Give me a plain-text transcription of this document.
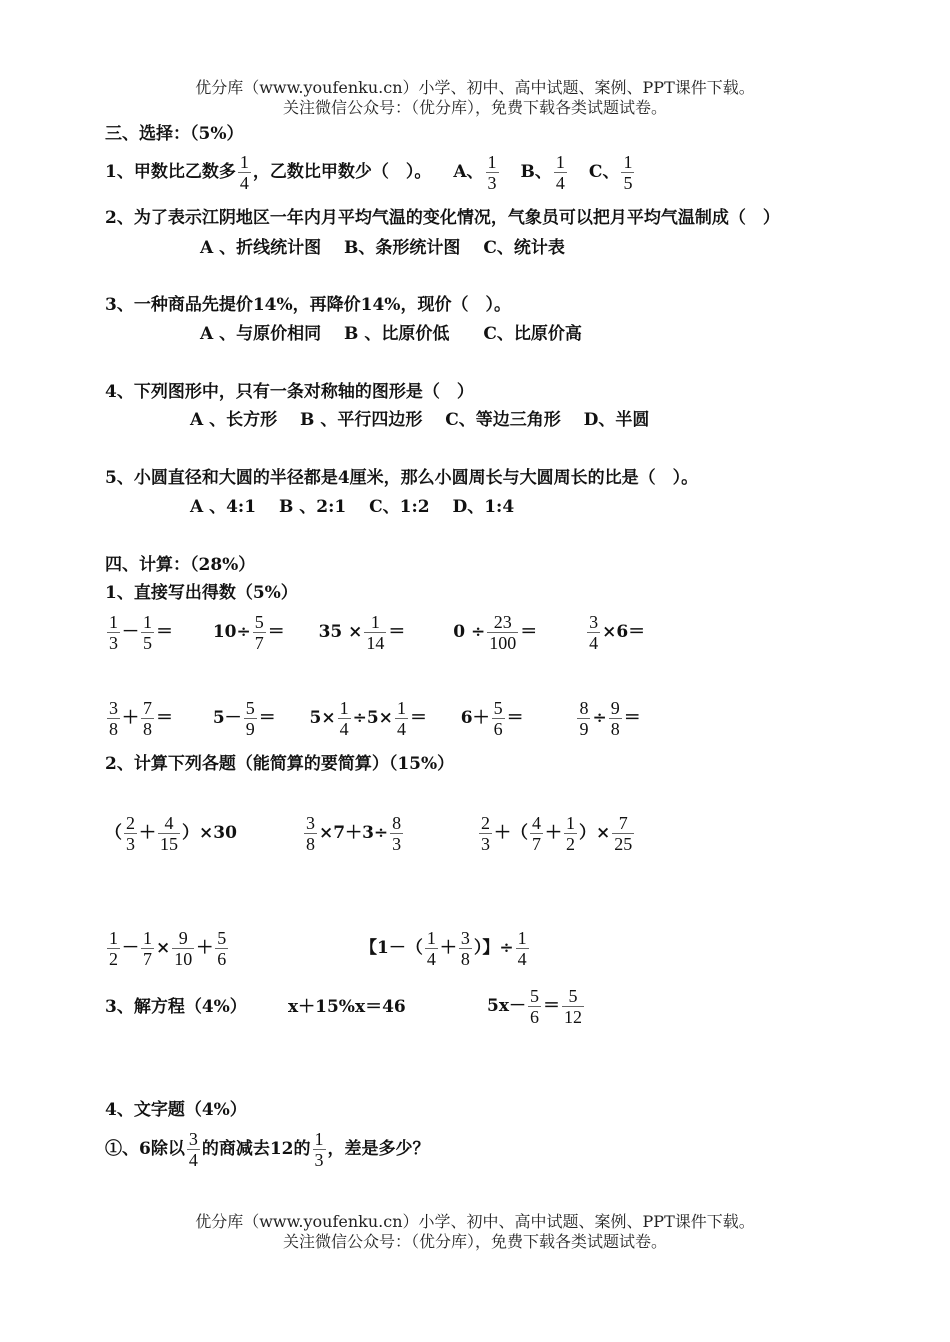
优分库（www.youfenku.cn）小学、初中、高中试题、案例、PPT课件下载。
关注微信公众号：（优分库），免费下载各类试题试卷。
三、选择：（5%）
1、甲数比乙数多 $\frac{1}{4}$ ，乙数比甲数少（　）。 A、 $\frac{1}{3}$ B、 $\frac{1}{4}$ C、 $\frac{1}{5}$
2、为了表示江阴地区一年内月平均气温的变化情况，气象员可以把月平均气温制成（　）
A 、折线统计图　 B、条形统计图　 C、统计表
3、一种商品先提价14%，再降价14%，现价（　）。
A 、与原价相同　 B 、比原价低　　C、比原价高
4、下列图形中，只有一条对称轴的图形是（　）
A 、长方形　 B 、平行四边形　 C、等边三角形　 D、半圆
5、小圆直径和大圆的半径都是4厘米，那么小圆周长与大圆周长的比是（　）。
A 、4:1　 B 、2:1　 C、1:2　 D、1:4
四、计算：（28%）
1、直接写出得数（5%）
$\frac{1}{3} - \frac{1}{5} = 10\div \frac{5}{7} = 35 \times \frac{1}{14}$ ＝	$0 \div \frac{23}{100}$ ＝	$\frac{3}{4} \times 6=$
$\frac{3}{8} + \frac{7}{8} = 5- \frac{5}{9} = 5\times \frac{1}{4} \div 5\times \frac{1}{4} = 6+ \frac{5}{6}$ ＝	$\frac{8}{9} \div \frac{9}{8}$ ＝
2、计算下列各题（能简算的要简算）（15%）
（ $\frac{2}{3} + \frac{4}{15} )\times 30$	$\frac{3}{8} \times 7+3\div \frac{8}{3}$	$\frac{2}{3}$ ＋（ $\frac{4}{7} + \frac{1}{2}$ ）× $\frac{7}{25}$
$\frac{1}{2} - \frac{1}{7} \times \frac{9}{10} + \frac{5}{6}$	【$1-( \frac{1}{4} + \frac{3}{8}$ ）】÷ $\frac{1}{4}$
3、解方程（4%） x＋15%x＝46	$5x- \frac{5}{6} = \frac{5}{12}$
4、文字题（4%）
①、6除以 $\frac{3}{4}$ 的商减去12的 $\frac{1}{3}$ ，差是多少？
优分库（www.youfenku.cn）小学、初中、高中试题、案例、PPT课件下载。
关注微信公众号：（优分库），免费下载各类试题试卷。
